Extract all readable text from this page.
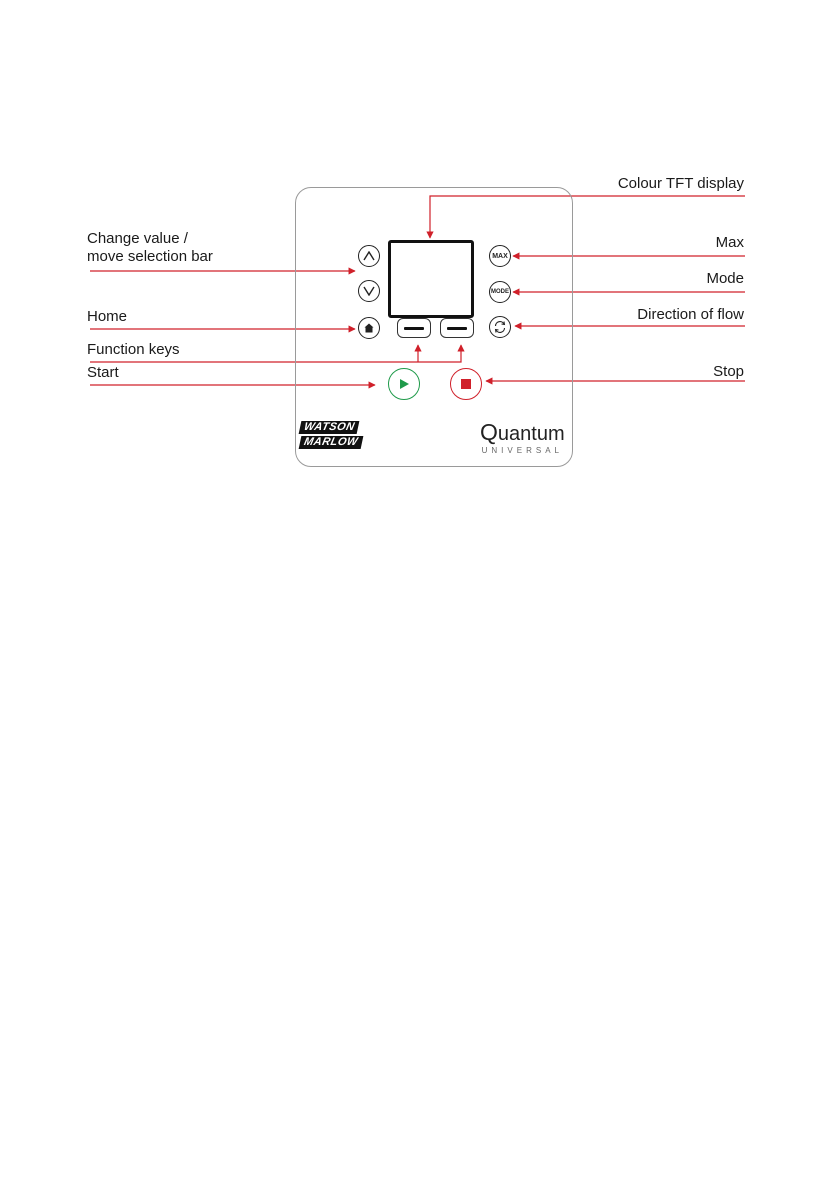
Colour TFT display
Change value /
move selection bar
Max
Mode
Home	Direction of flow
Function keys
Start	Stop
MAX
MODE
WATSON
MARLOW	Quantum
UNIVERSAL
